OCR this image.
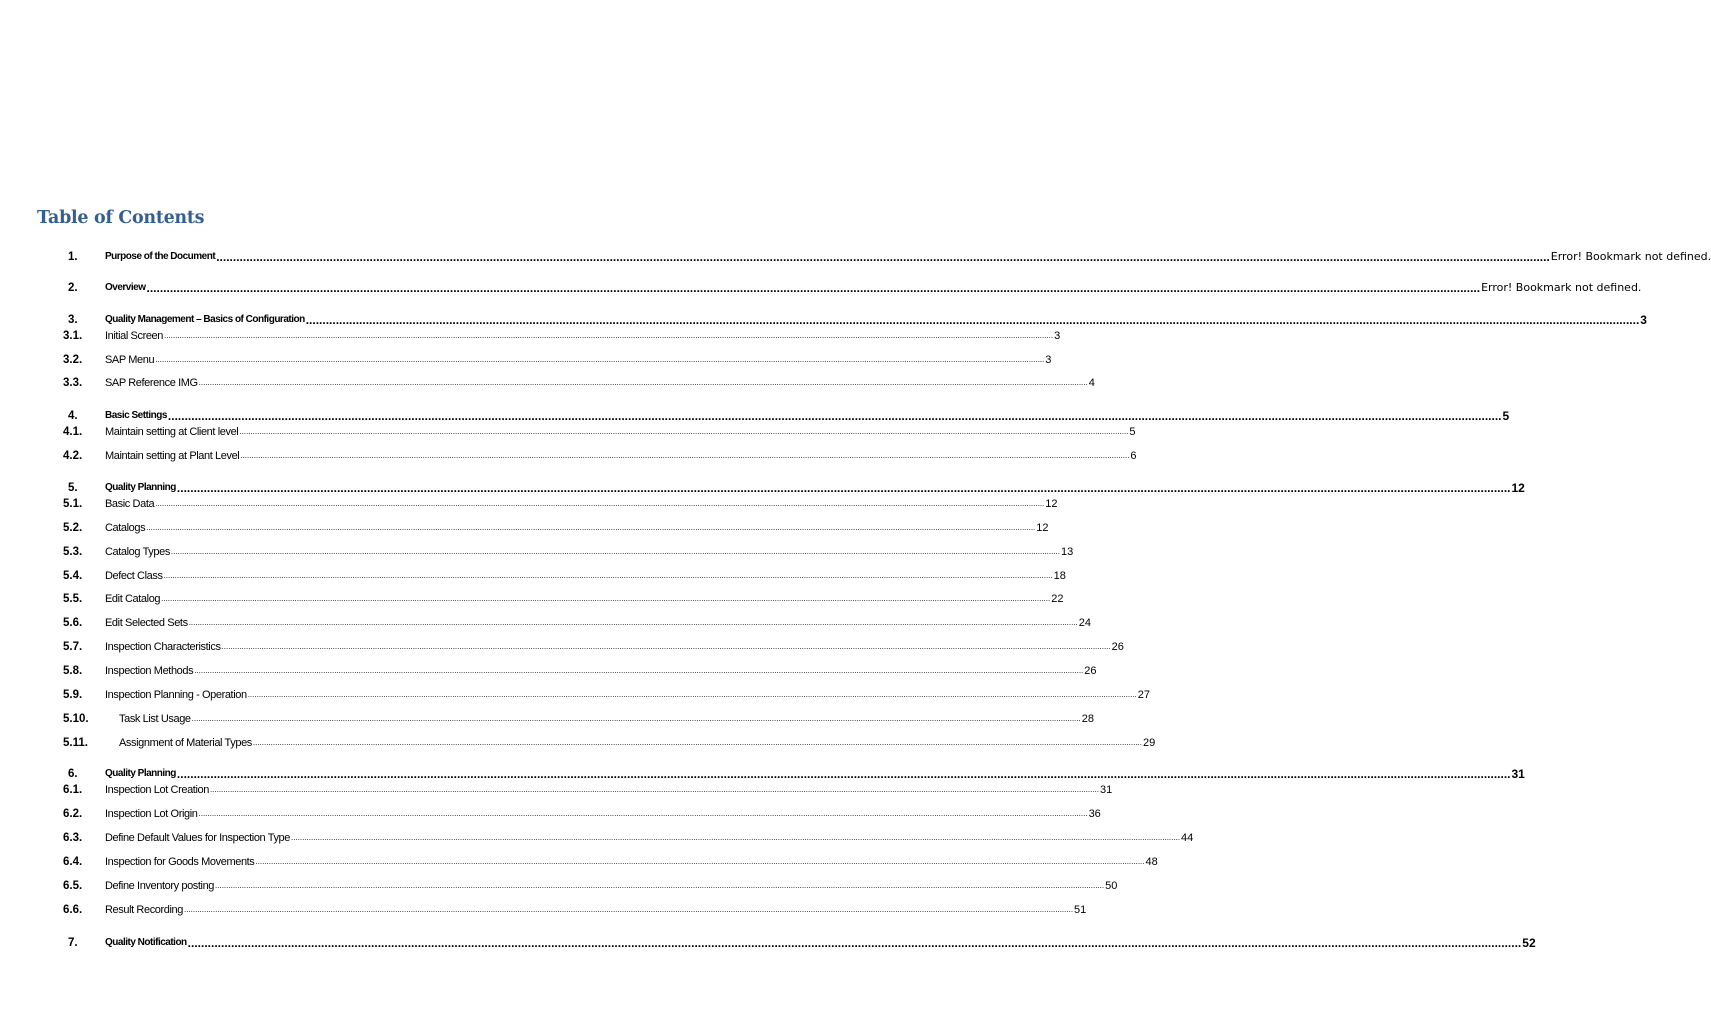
Table of Contents
1.	Purpose of the Document ................................................................................................................................................................................................................................................................................................................................................................................................................ Error! Bookmark not defined.
2.	Overview ................................................................................................................................................................................................................................................................................................................................................................................................................ Error! Bookmark not defined.
3.	Quality Management – Basics of Configuration ................................................................................................................................................................................................................................................................................................................................................................................................................ 3
3.1. Initial Screen ................................................................................................................................................................................................................................................................................................................................................................................................................ 3
3.2. SAP Menu ................................................................................................................................................................................................................................................................................................................................................................................................................ 3
3.3. SAP Reference IMG ................................................................................................................................................................................................................................................................................................................................................................................................................ 4
4.	Basic Settings ................................................................................................................................................................................................................................................................................................................................................................................................................ 5
4.1. Maintain setting at Client level ................................................................................................................................................................................................................................................................................................................................................................................................................ 5
4.2. Maintain setting at Plant Level ................................................................................................................................................................................................................................................................................................................................................................................................................ 6
5.	Quality Planning ................................................................................................................................................................................................................................................................................................................................................................................................................ 12
5.1. Basic Data ................................................................................................................................................................................................................................................................................................................................................................................................................ 12
5.2. Catalogs ................................................................................................................................................................................................................................................................................................................................................................................................................ 12
5.3. Catalog Types ................................................................................................................................................................................................................................................................................................................................................................................................................ 13
5.4. Defect Class ................................................................................................................................................................................................................................................................................................................................................................................................................ 18
5.5. Edit Catalog ................................................................................................................................................................................................................................................................................................................................................................................................................ 22
5.6. Edit Selected Sets ................................................................................................................................................................................................................................................................................................................................................................................................................ 24
5.7. Inspection Characteristics ................................................................................................................................................................................................................................................................................................................................................................................................................ 26
5.8. Inspection Methods ................................................................................................................................................................................................................................................................................................................................................................................................................ 26
5.9. Inspection Planning - Operation ................................................................................................................................................................................................................................................................................................................................................................................................................ 27
5.10.	Task List Usage ................................................................................................................................................................................................................................................................................................................................................................................................................ 28
5.11.	Assignment of Material Types ................................................................................................................................................................................................................................................................................................................................................................................................................ 29
6.	Quality Planning ................................................................................................................................................................................................................................................................................................................................................................................................................ 31
6.1. Inspection Lot Creation ................................................................................................................................................................................................................................................................................................................................................................................................................ 31
6.2. Inspection Lot Origin ................................................................................................................................................................................................................................................................................................................................................................................................................ 36
6.3. Define Default Values for Inspection Type ................................................................................................................................................................................................................................................................................................................................................................................................................ 44
6.4. Inspection for Goods Movements ................................................................................................................................................................................................................................................................................................................................................................................................................ 48
6.5. Define Inventory posting ................................................................................................................................................................................................................................................................................................................................................................................................................ 50
6.6. Result Recording ................................................................................................................................................................................................................................................................................................................................................................................................................ 51
7.	Quality Notification ................................................................................................................................................................................................................................................................................................................................................................................................................ 52
